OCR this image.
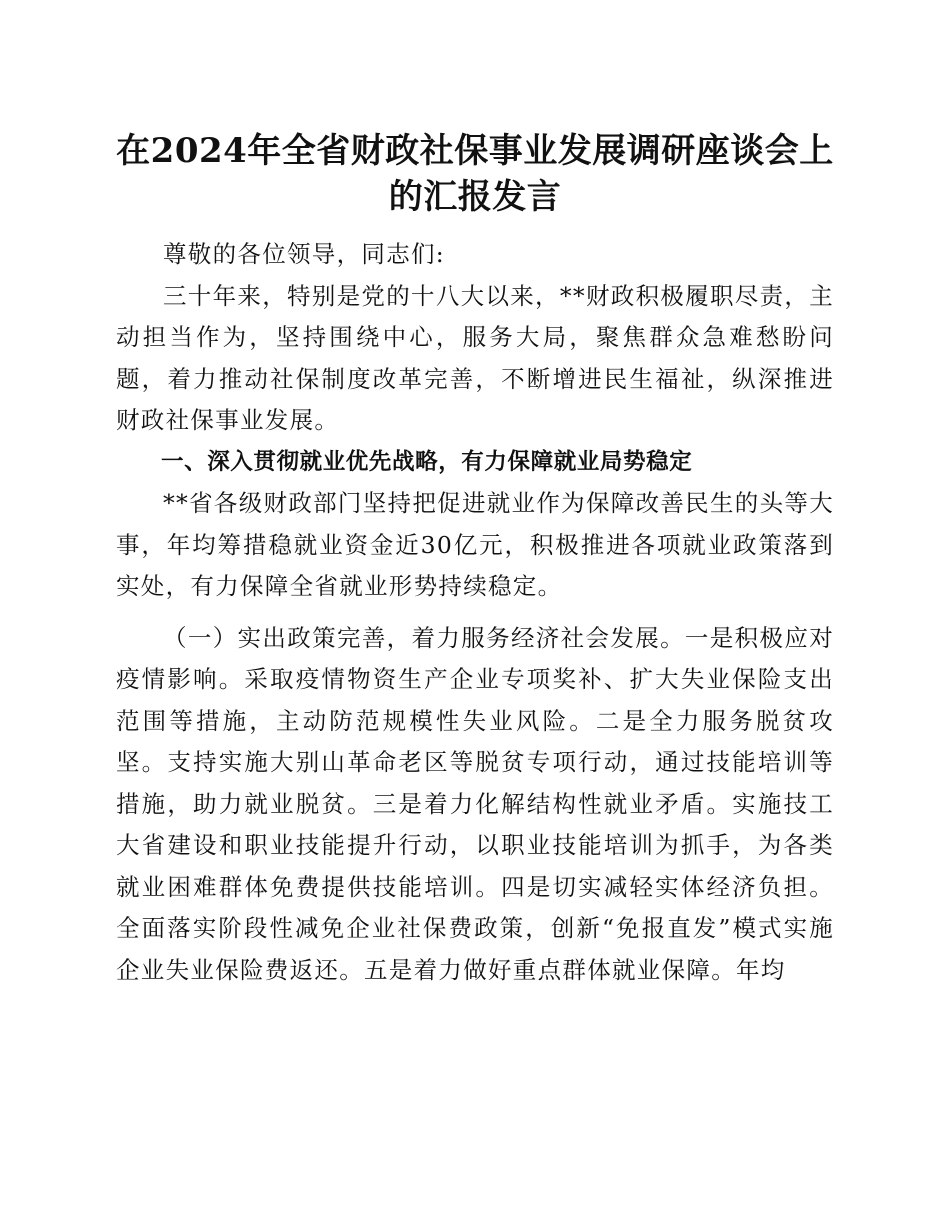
在2024年全省财政社保事业发展调研座谈会上
的汇报发言

尊敬的各位领导，同志们:

三十年来，特别是党的十八大以来，**财政积极履职尽责，主动担当作为，坚持围绕中心，服务大局，聚焦群众急难愁盼问题，着力推动社保制度改革完善，不断增进民生福祉，纵深推进财政社保事业发展。

一、深入贯彻就业优先战略，有力保障就业局势稳定

**省各级财政部门坚持把促进就业作为保障改善民生的头等大事，年均筹措稳就业资金近30亿元，积极推进各项就业政策落到实处，有力保障全省就业形势持续稳定。

（一）实出政策完善，着力服务经济社会发展。一是积极应对疫情影响。采取疫情物资生产企业专项奖补、扩大失业保险支出范围等措施，主动防范规模性失业风险。二是全力服务脱贫攻坚。支持实施大别山革命老区等脱贫专项行动，通过技能培训等措施，助力就业脱贫。三是着力化解结构性就业矛盾。实施技工大省建设和职业技能提升行动，以职业技能培训为抓手，为各类就业困难群体免费提供技能培训。四是切实减轻实体经济负担。全面落实阶段性减免企业社保费政策，创新“免报直发”模式实施企业失业保险费返还。五是着力做好重点群体就业保障。年均
